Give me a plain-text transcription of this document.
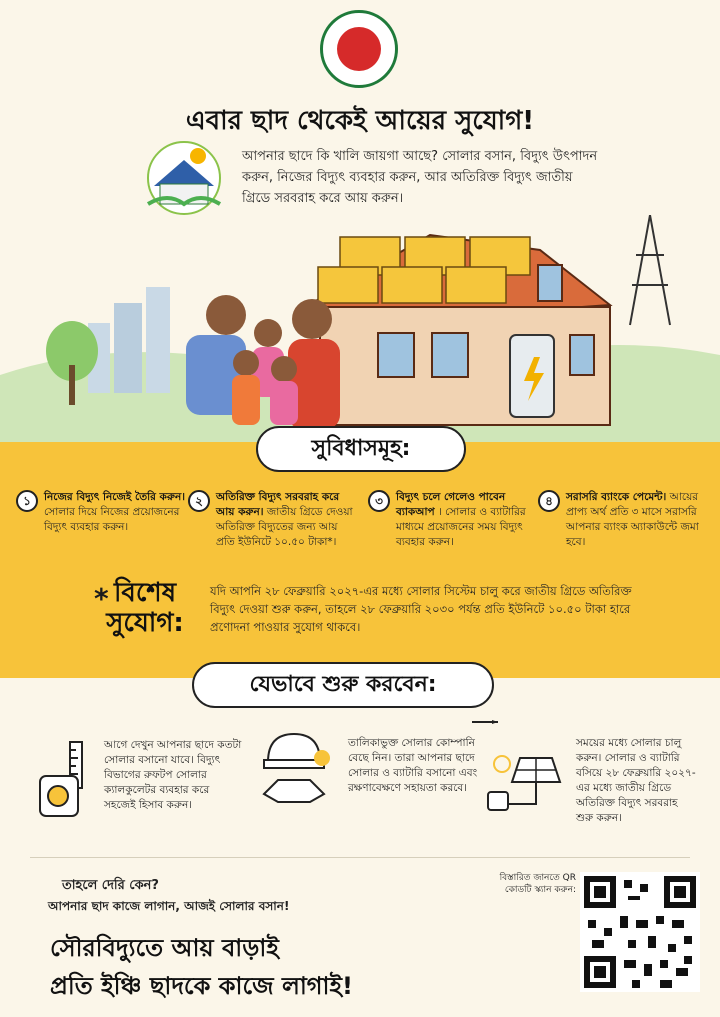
এবার ছাদ থেকেই আয়ের সুযোগ!
আপনার ছাদে কি খালি জায়গা আছে? সোলার বসান, বিদ্যুৎ উৎপাদন করুন, নিজের বিদ্যুৎ ব্যবহার করুন, আর অতিরিক্ত বিদ্যুৎ জাতীয় গ্রিডে সরবরাহ করে আয় করুন।
সুবিধাসমূহ:
১	নিজের বিদ্যুৎ নিজেই তৈরি করুন। সোলার দিয়ে নিজের প্রয়োজনের বিদ্যুৎ ব্যবহার করুন।
২	অতিরিক্ত বিদ্যুৎ সরবরাহ করে আয় করুন। জাতীয় গ্রিডে দেওয়া অতিরিক্ত বিদ্যুতের জন্য আয় প্রতি ইউনিটে ১০.৫০ টাকা*।
৩	বিদ্যুৎ চলে গেলেও পাবেন ব্যাকআপ । সোলার ও ব্যাটারির মাধ্যমে প্রয়োজনের সময় বিদ্যুৎ ব্যবহার করুন।
৪	সরাসরি ব্যাংকে পেমেন্ট। আয়ের প্রাপ্য অর্থ প্রতি ৩ মাসে সরাসরি আপনার ব্যাংক অ্যাকাউন্টে জমা হবে।
* বিশেষ
সুযোগ:
যদি আপনি ২৮ ফেব্রুয়ারি ২০২৭-এর মধ্যে সোলার সিস্টেম চালু করে জাতীয় গ্রিডে অতিরিক্ত বিদ্যুৎ দেওয়া শুরু করুন, তাহলে ২৮ ফেব্রুয়ারি ২০৩০ পর্যন্ত প্রতি ইউনিটে ১০.৫০ টাকা হারে প্রণোদনা পাওয়ার সুযোগ থাকবে।
যেভাবে শুরু করবেন:
আগে দেখুন আপনার ছাদে কতটা সোলার বসানো যাবে। বিদ্যুৎ বিভাগের রুফটপ সোলার ক্যালকুলেটর ব্যবহার করে সহজেই হিসাব করুন।
তালিকাভুক্ত সোলার কোম্পানি বেছে নিন। তারা আপনার ছাদে সোলার ও ব্যাটারি বসানো এবং রক্ষণাবেক্ষণে সহায়তা করবে।
সময়ের মধ্যে সোলার চালু করুন। সোলার ও ব্যাটারি বসিয়ে ২৮ ফেব্রুয়ারি ২০২৭-এর মধ্যে জাতীয় গ্রিডে অতিরিক্ত বিদ্যুৎ সরবরাহ শুরু করুন।
তাহলে দেরি কেন?
আপনার ছাদ কাজে লাগান, আজই সোলার বসান!
সৌরবিদ্যুতে আয় বাড়াই
প্রতি ইঞ্চি ছাদকে কাজে লাগাই!
বিস্তারিত জানতে QR কোডটি স্ক্যান করুন:
